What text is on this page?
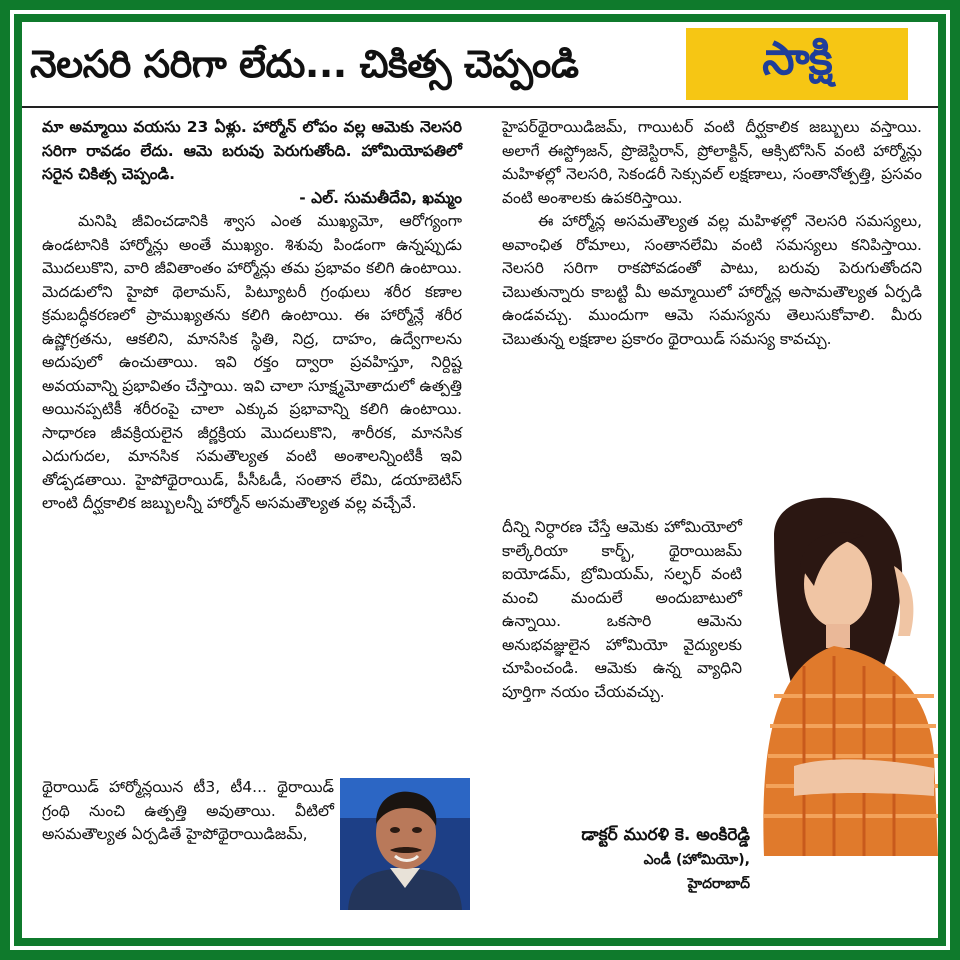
నెలసరి సరిగా లేదు... చికిత్స చెప్పండి	సాక్షి

మా అమ్మాయి వయసు 23 ఏళ్లు. హార్మోన్ లోపం వల్ల ఆమెకు నెలసరి సరిగా రావడం లేదు. ఆమె బరువు పెరుగుతోంది. హోమియోపతిలో సరైన చికిత్స చెప్పండి.

- ఎల్. సుమతీదేవి, ఖమ్మం

మనిషి జీవించడానికి శ్వాస ఎంత ముఖ్యమో, ఆరోగ్యంగా ఉండటానికి హార్మోన్లు అంతే ముఖ్యం. శిశువు పిండంగా ఉన్నప్పుడు మొదలుకొని, వారి జీవితాంతం హార్మోన్లు తమ ప్రభావం కలిగి ఉంటాయి. మెదడులోని హైపో థెలామస్, పిట్యూటరీ గ్రంథులు శరీర కణాల క్రమబద్ధీకరణలో ప్రాముఖ్యతను కలిగి ఉంటాయి. ఈ హార్మోన్లే శరీర ఉష్ణోగ్రతను, ఆకలిని, మానసిక స్థితి, నిద్ర, దాహం, ఉద్వేగాలను అదుపులో ఉంచుతాయి. ఇవి రక్తం ద్వారా ప్రవహిస్తూ, నిర్దిష్ట అవయవాన్ని ప్రభావితం చేస్తాయి. ఇవి చాలా సూక్ష్మమోతాదులో ఉత్పత్తి అయినప్పటికీ శరీరంపై చాలా ఎక్కువ ప్రభావాన్ని కలిగి ఉంటాయి. సాధారణ జీవక్రియలైన జీర్ణక్రియ మొదలుకొని, శారీరక, మానసిక ఎదుగుదల, మానసిక సమతౌల్యత వంటి అంశాలన్నింటికీ ఇవి తోడ్పడతాయి. హైపోథైరాయిడ్, పీసీఓడీ, సంతాన లేమి, డయాబెటిస్ లాంటి దీర్ఘకాలిక జబ్బులన్నీ హార్మోన్ అసమతౌల్యత వల్ల వచ్చేవే.

థైరాయిడ్ హార్మోన్లయిన టీ3, టీ4... థైరాయిడ్ గ్రంథి నుంచి ఉత్పత్తి అవుతాయి. వీటిలో అసమతౌల్యత ఏర్పడితే హైపోథైరాయిడిజమ్,

హైపర్‌థైరాయిడిజమ్, గాయిటర్ వంటి దీర్ఘకాలిక జబ్బులు వస్తాయి. అలాగే ఈస్ట్రోజన్, ప్రొజెస్టిరాన్, ప్రోలాక్టిన్, ఆక్సిటోసిన్ వంటి హార్మోన్లు మహిళల్లో నెలసరి, సెకండరీ సెక్సువల్ లక్షణాలు, సంతానోత్పత్తి, ప్రసవం వంటి అంశాలకు ఉపకరిస్తాయి.

ఈ హార్మోన్ల అసమతౌల్యత వల్ల మహిళల్లో నెలసరి సమస్యలు, అవాంఛిత రోమాలు, సంతానలేమి వంటి సమస్యలు కనిపిస్తాయి. నెలసరి సరిగా రాకపోవడంతో పాటు, బరువు పెరుగుతోందని చెబుతున్నారు కాబట్టి మీ అమ్మాయిలో హార్మోన్ల అసామతౌల్యత ఏర్పడి ఉండవచ్చు. ముందుగా ఆమె సమస్యను తెలుసుకోవాలి. మీరు చెబుతున్న లక్షణాల ప్రకారం థైరాయిడ్ సమస్య కావచ్చు.

దీన్ని నిర్ధారణ చేస్తే ఆమెకు హోమియోలో కాల్కేరియా కార్బ్, థైరాయిజమ్ ఐయోడమ్, బ్రోమియమ్, సల్ఫర్ వంటి మంచి మందులే అందుబాటులో ఉన్నాయి. ఒకసారి ఆమెను అనుభవజ్ఞులైన హోమియో వైద్యులకు చూపించండి. ఆమెకు ఉన్న వ్యాధిని పూర్తిగా నయం చేయవచ్చు.

డాక్టర్ మురళి కె. అంకిరెడ్డి
ఎండీ (హోమియో),
హైదరాబాద్
